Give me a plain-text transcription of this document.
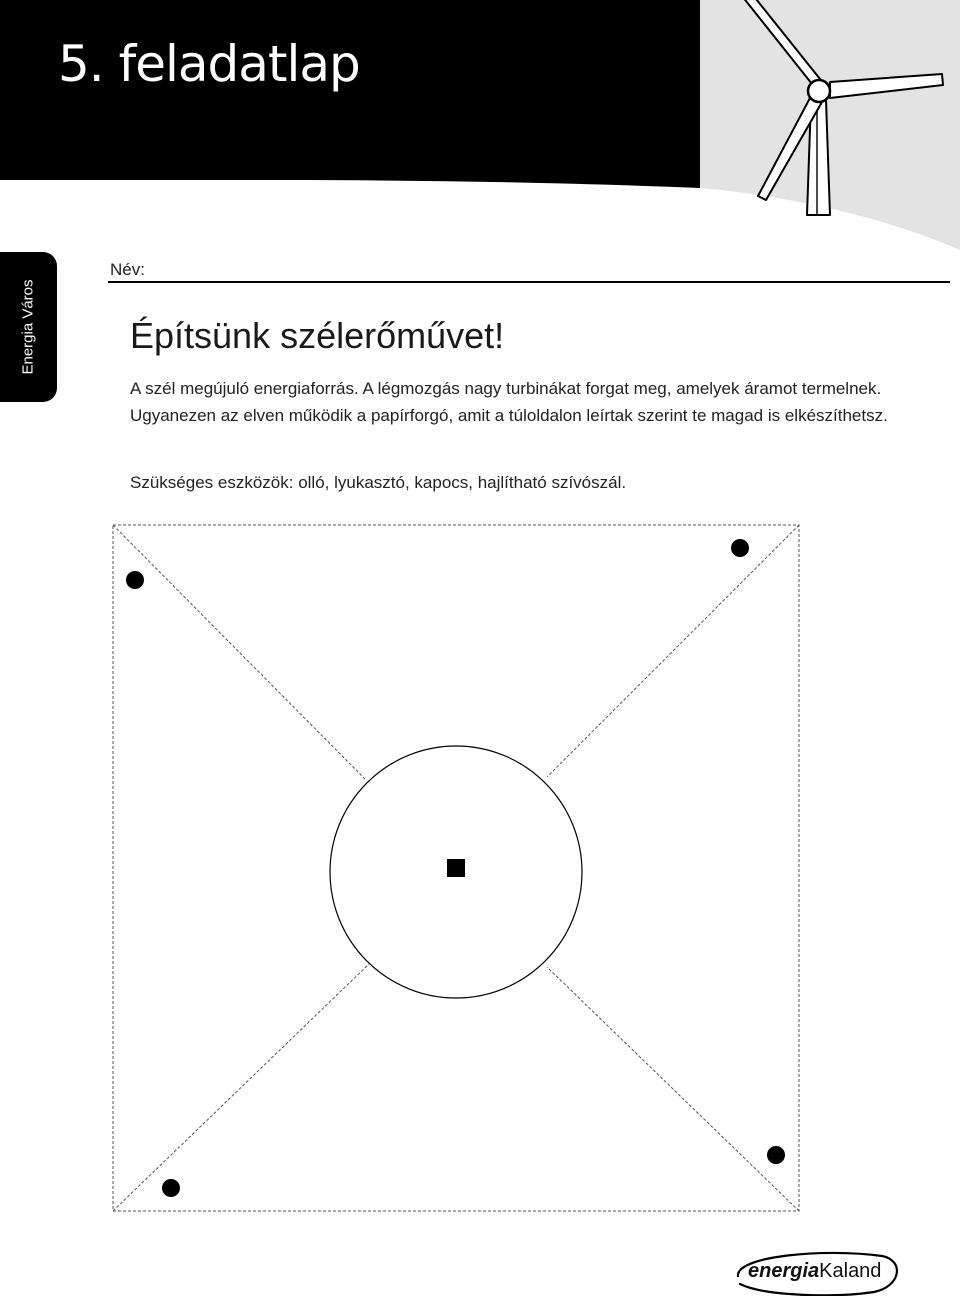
5. feladatlap
Energia Város
Név:
Építsünk szélerőművet!

A szél megújuló energiaforrás. A légmozgás nagy turbinákat forgat meg, amelyek áramot termelnek. Ugyanezen az elven működik a papírforgó, amit a túloldalon leírtak szerint te magad is elkészíthetsz.

Szükséges eszközök: olló, lyukasztó, kapocs, hajlítható szívószál.

energiaKaland
